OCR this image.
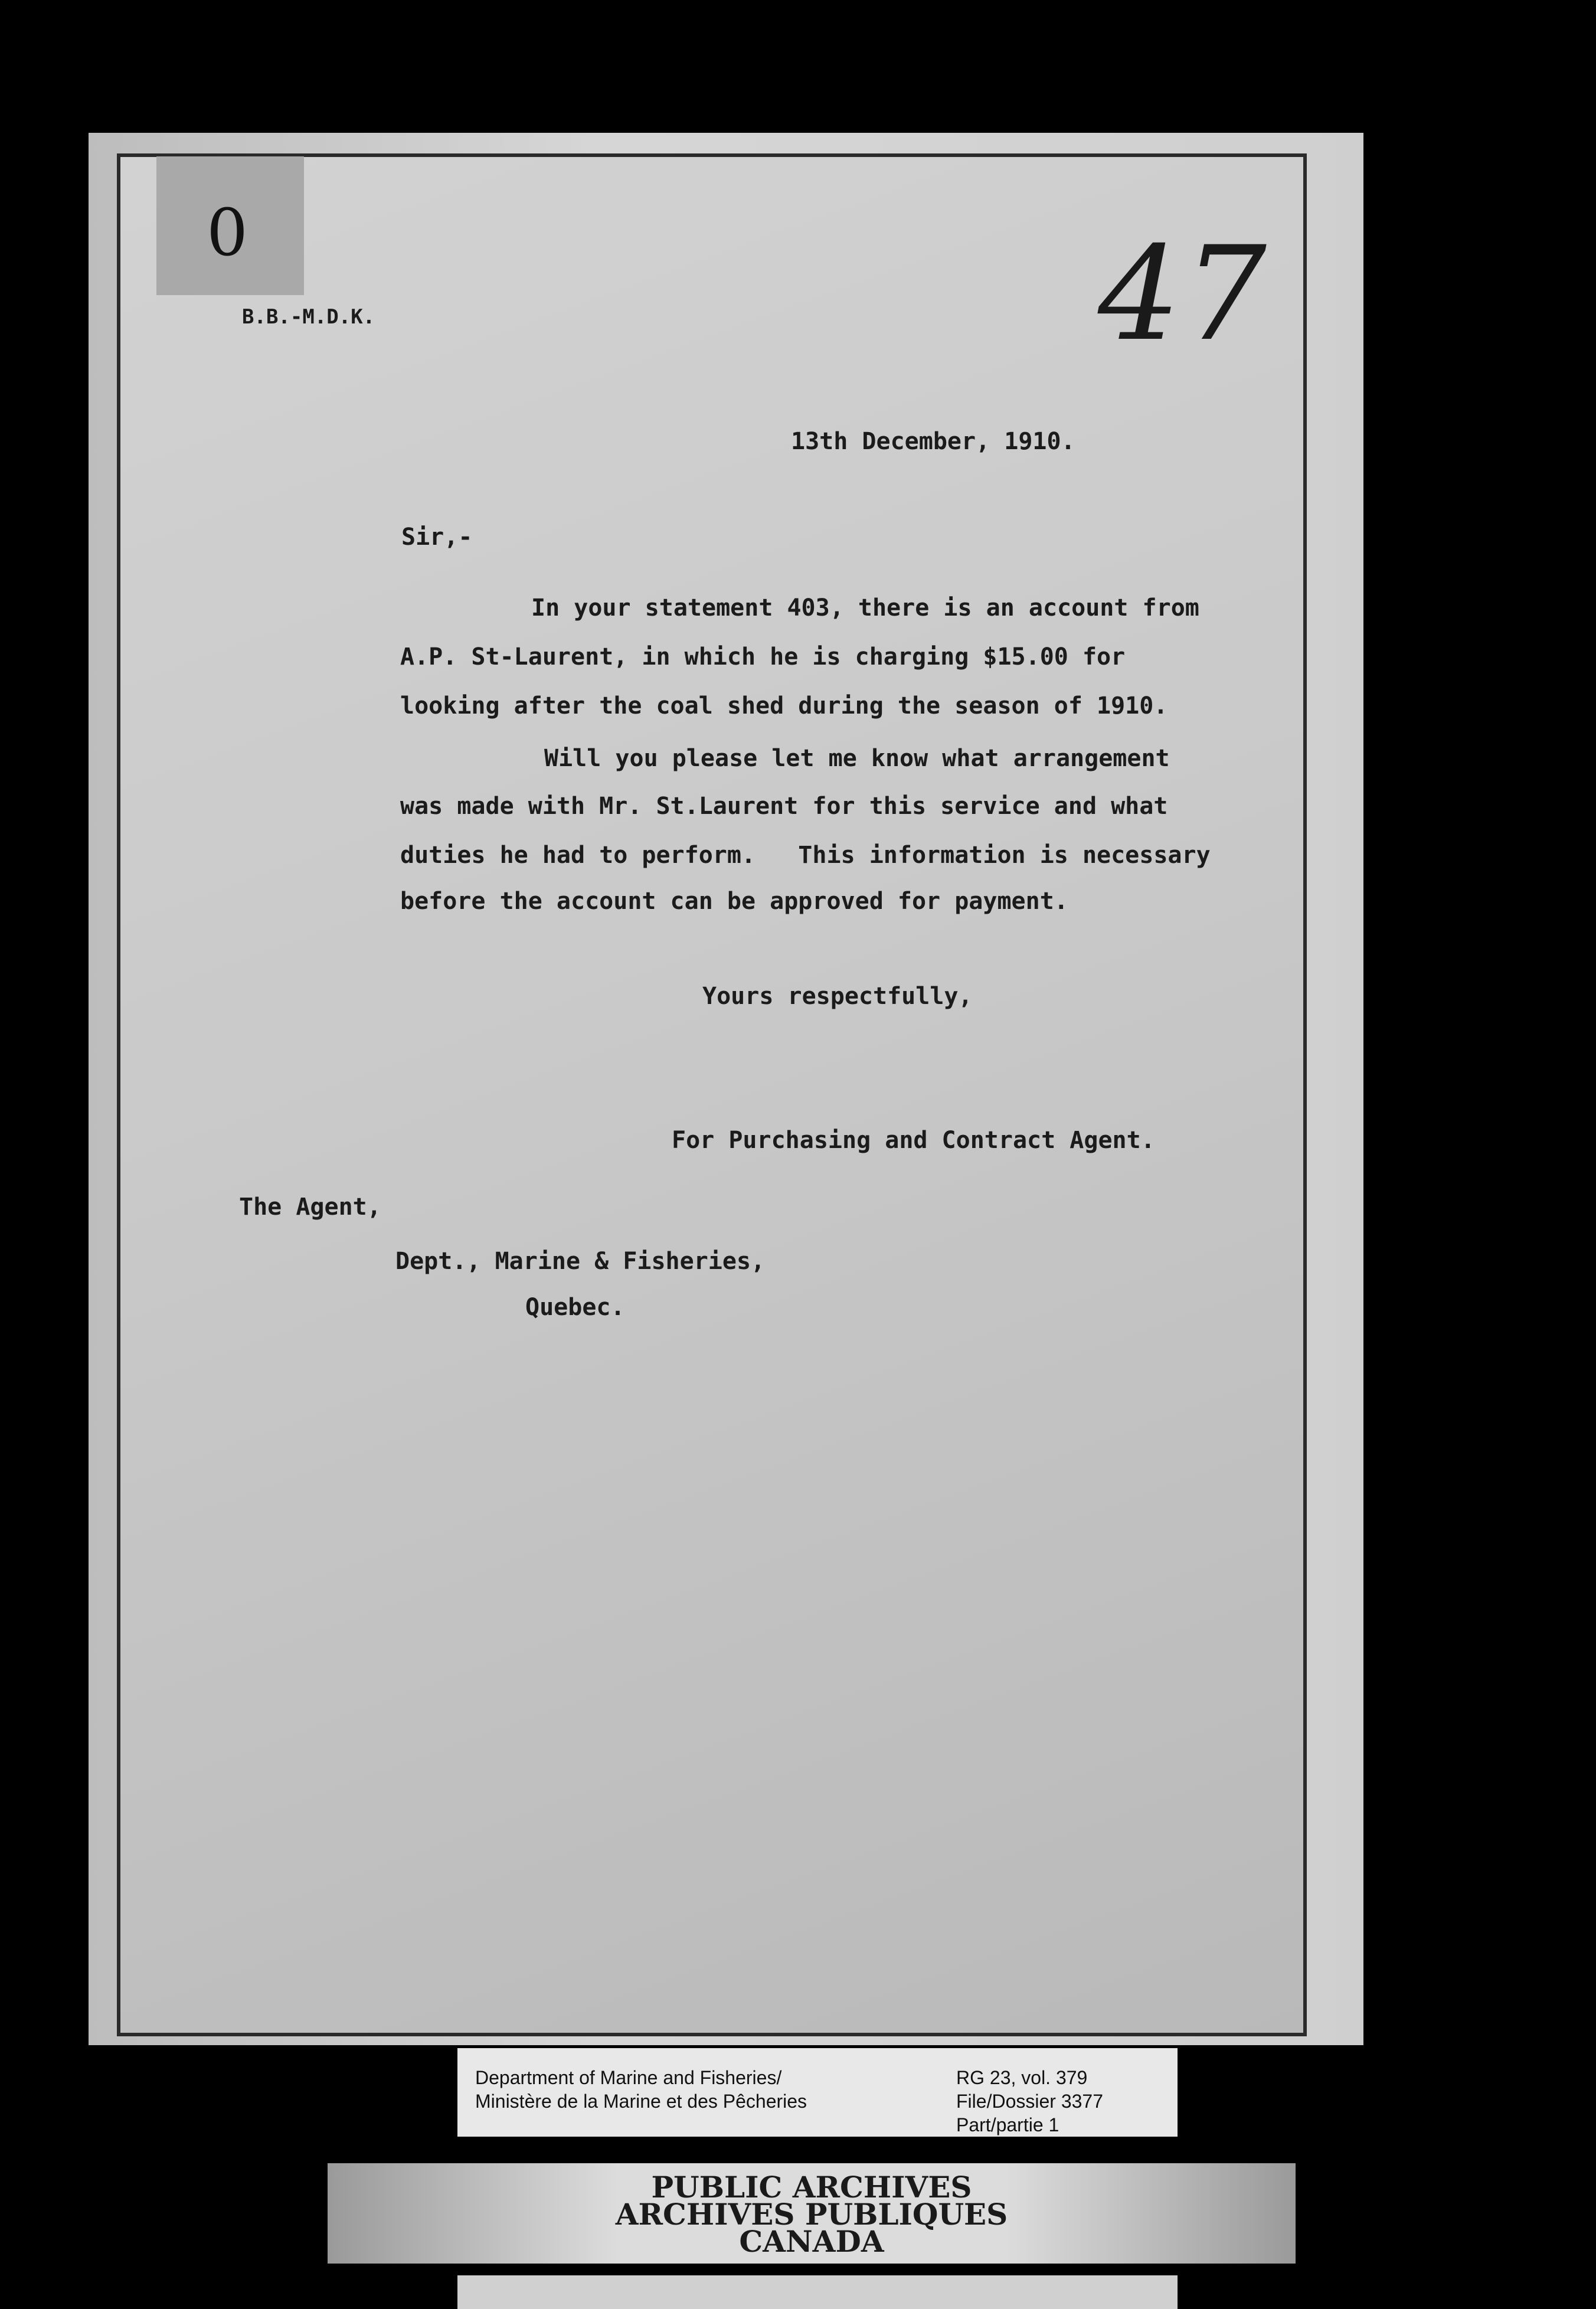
0	47
B.B.-M.D.K.
13th December, 1910.
Sir,-
In your statement 403, there is an account from
A.P. St-Laurent, in which he is charging $15.00 for
looking after the coal shed during the season of 1910.
Will you please let me know what arrangement
was made with Mr. St.Laurent for this service and what
duties he had to perform.   This information is necessary
before the account can be approved for payment.
Yours respectfully,
For Purchasing and Contract Agent.
The Agent,
Dept., Marine & Fisheries,
Quebec.
Department of Marine and Fisheries/
Ministère de la Marine et des Pêcheries
RG 23, vol. 379
File/Dossier 3377
Part/partie 1
PUBLIC ARCHIVES
ARCHIVES PUBLIQUES
CANADA
